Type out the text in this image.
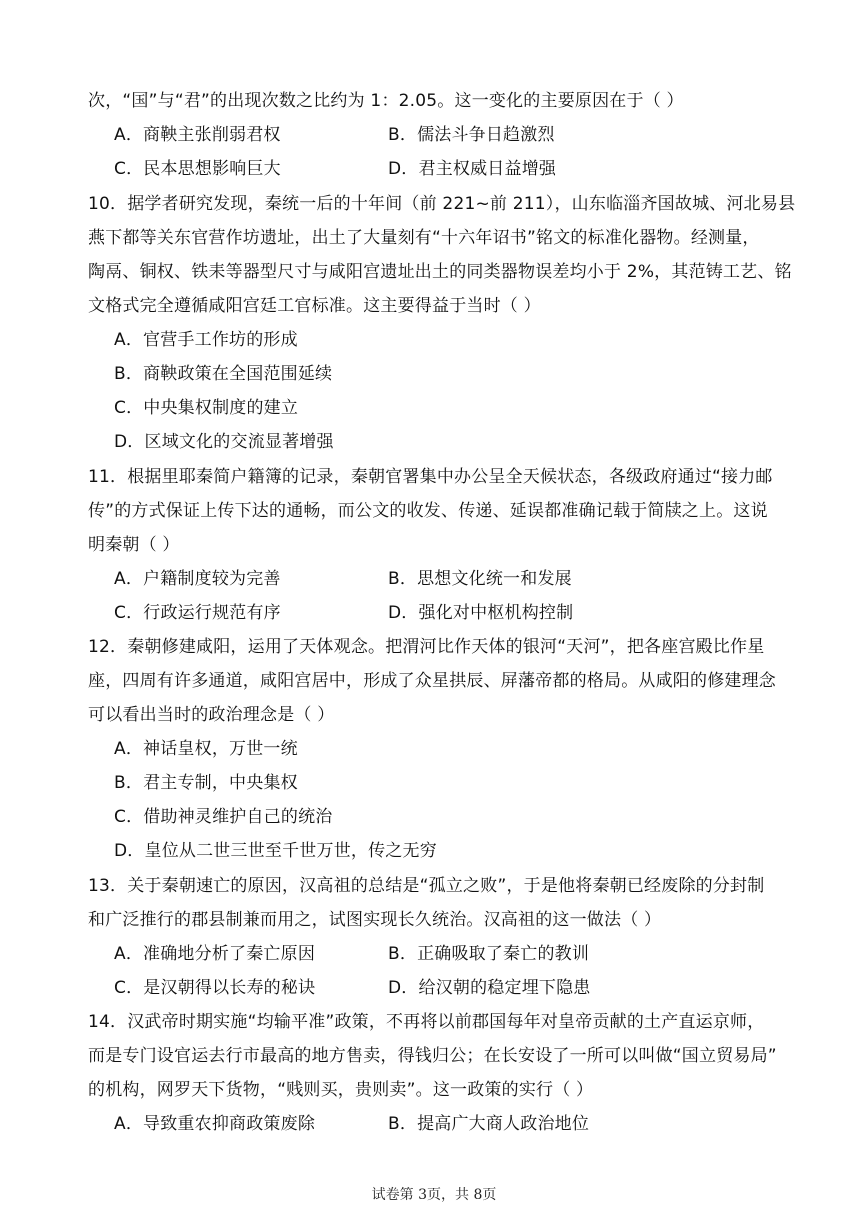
次，“国”与“君”的出现次数之比约为 1：2.05。这一变化的主要原因在于（ ）
A．商鞅主张削弱君权	B．儒法斗争日趋激烈
C．民本思想影响巨大	D．君主权威日益增强
10．据学者研究发现，秦统一后的十年间（前 221~前 211），山东临淄齐国故城、河北易县
燕下都等关东官营作坊遗址，出土了大量刻有“十六年诏书”铭文的标准化器物。经测量，
陶鬲、铜权、铁耒等器型尺寸与咸阳宫遗址出土的同类器物误差均小于 2%，其范铸工艺、铭
文格式完全遵循咸阳宫廷工官标准。这主要得益于当时（ ）
A．官营手工作坊的形成
B．商鞅政策在全国范围延续
C．中央集权制度的建立
D．区域文化的交流显著增强
11．根据里耶秦简户籍簿的记录，秦朝官署集中办公呈全天候状态，各级政府通过“接力邮
传”的方式保证上传下达的通畅，而公文的收发、传递、延误都准确记载于简牍之上。这说
明秦朝（ ）
A．户籍制度较为完善	B．思想文化统一和发展
C．行政运行规范有序	D．强化对中枢机构控制
12．秦朝修建咸阳，运用了天体观念。把渭河比作天体的银河“天河”，把各座宫殿比作星
座，四周有许多通道，咸阳宫居中，形成了众星拱辰、屏藩帝都的格局。从咸阳的修建理念
可以看出当时的政治理念是（ ）
A．神话皇权，万世一统
B．君主专制，中央集权
C．借助神灵维护自己的统治
D．皇位从二世三世至千世万世，传之无穷
13．关于秦朝速亡的原因，汉高祖的总结是“孤立之败”，于是他将秦朝已经废除的分封制
和广泛推行的郡县制兼而用之，试图实现长久统治。汉高祖的这一做法（ ）
A．准确地分析了秦亡原因	B．正确吸取了秦亡的教训
C．是汉朝得以长寿的秘诀	D．给汉朝的稳定埋下隐患
14．汉武帝时期实施“均输平准”政策，不再将以前郡国每年对皇帝贡献的土产直运京师，
而是专门设官运去行市最高的地方售卖，得钱归公；在长安设了一所可以叫做“国立贸易局”
的机构，网罗天下货物，“贱则买，贵则卖”。这一政策的实行（ ）
A．导致重农抑商政策废除	B．提高广大商人政治地位
试卷第 3页，共 8页
